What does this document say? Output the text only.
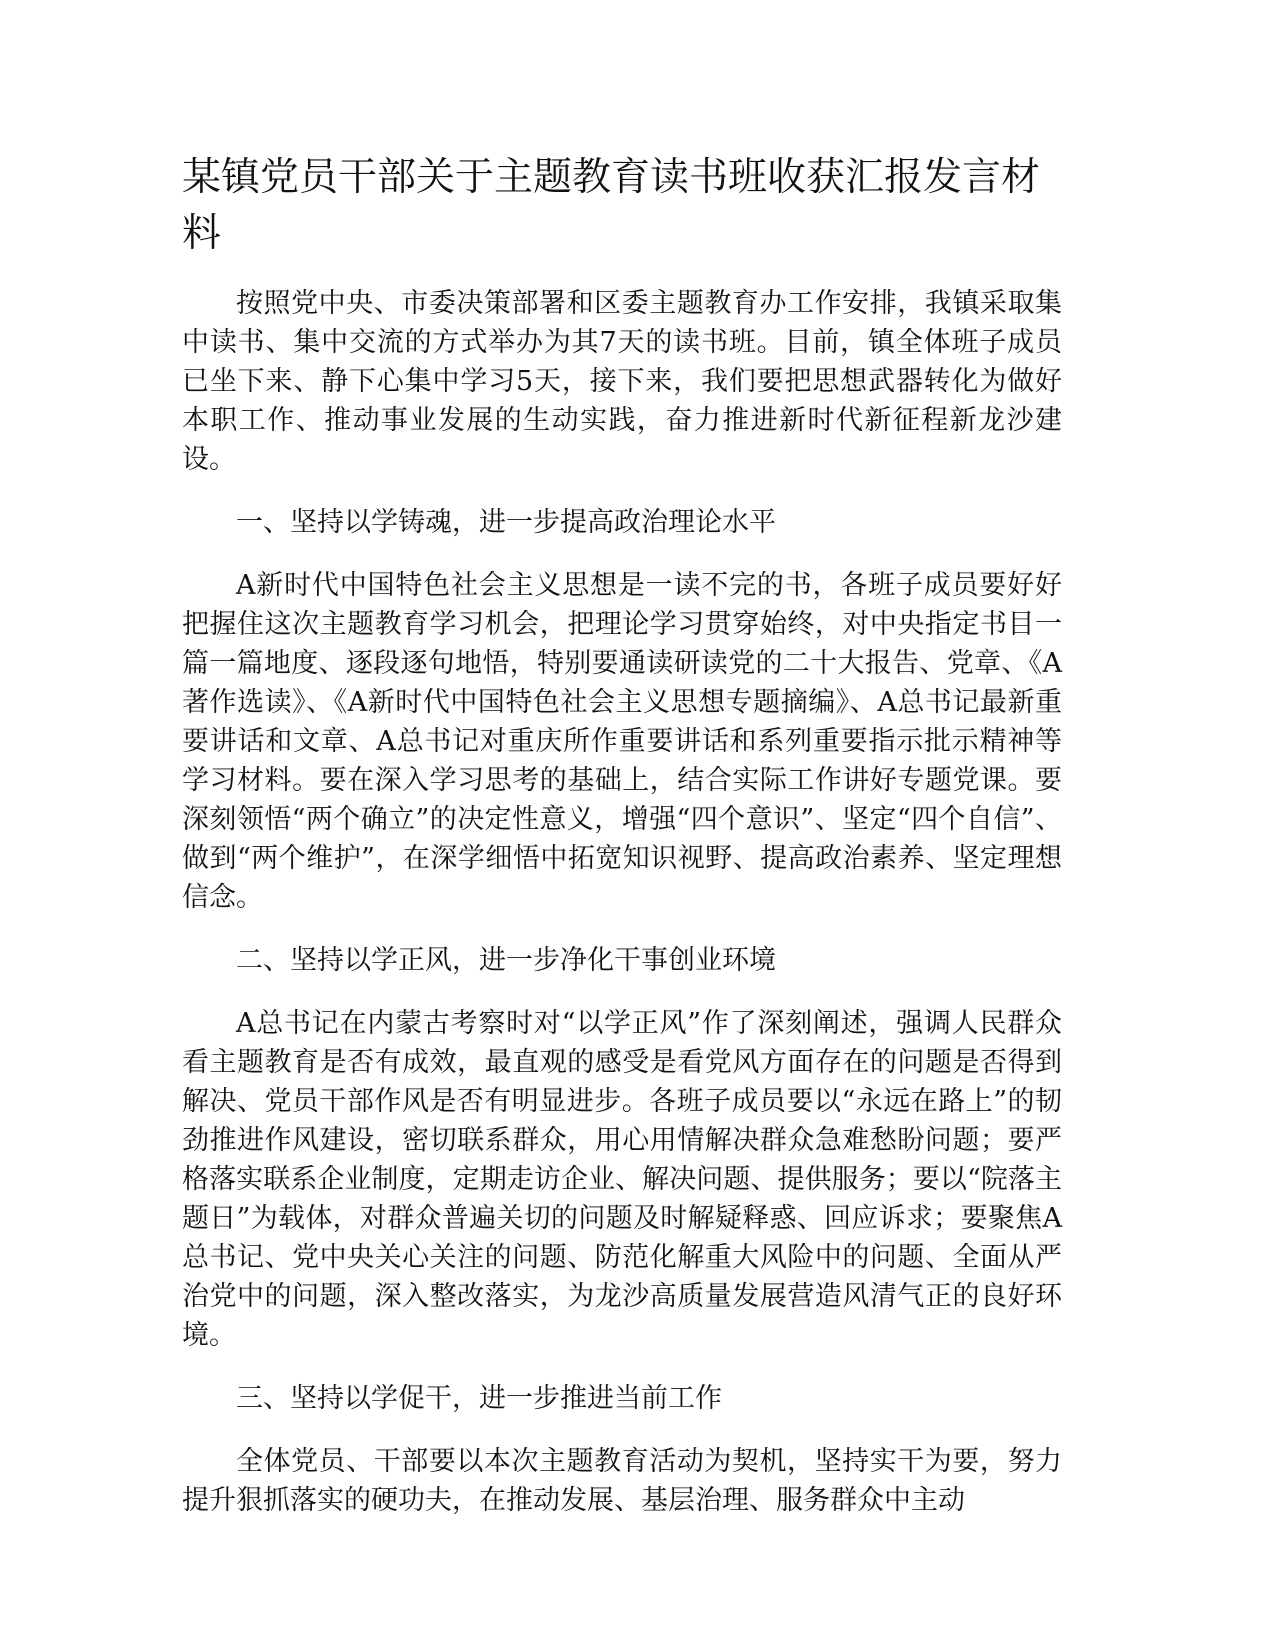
某镇党员干部关于主题教育读书班收获汇报发言材料

按照党中央、市委决策部署和区委主题教育办工作安排，我镇采取集中读书、集中交流的方式举办为其7天的读书班。目前，镇全体班子成员已坐下来、静下心集中学习5天，接下来，我们要把思想武器转化为做好本职工作、推动事业发展的生动实践，奋力推进新时代新征程新龙沙建设。

一、坚持以学铸魂，进一步提高政治理论水平

A新时代中国特色社会主义思想是一读不完的书，各班子成员要好好把握住这次主题教育学习机会，把理论学习贯穿始终，对中央指定书目一篇一篇地度、逐段逐句地悟，特别要通读研读党的二十大报告、党章、《A著作选读》、《A新时代中国特色社会主义思想专题摘编》、A总书记最新重要讲话和文章、A总书记对重庆所作重要讲话和系列重要指示批示精神等学习材料。要在深入学习思考的基础上，结合实际工作讲好专题党课。要深刻领悟“两个确立”的决定性意义，增强“四个意识”、坚定“四个自信”、做到“两个维护”，在深学细悟中拓宽知识视野、提高政治素养、坚定理想信念。

二、坚持以学正风，进一步净化干事创业环境

A总书记在内蒙古考察时对“以学正风”作了深刻阐述，强调人民群众看主题教育是否有成效，最直观的感受是看党风方面存在的问题是否得到解决、党员干部作风是否有明显进步。各班子成员要以“永远在路上”的韧劲推进作风建设，密切联系群众，用心用情解决群众急难愁盼问题；要严格落实联系企业制度，定期走访企业、解决问题、提供服务；要以“院落主题日”为载体，对群众普遍关切的问题及时解疑释惑、回应诉求；要聚焦A总书记、党中央关心关注的问题、防范化解重大风险中的问题、全面从严治党中的问题，深入整改落实，为龙沙高质量发展营造风清气正的良好环境。

三、坚持以学促干，进一步推进当前工作

全体党员、干部要以本次主题教育活动为契机，坚持实干为要，努力提升狠抓落实的硬功夫，在推动发展、基层治理、服务群众中主动
